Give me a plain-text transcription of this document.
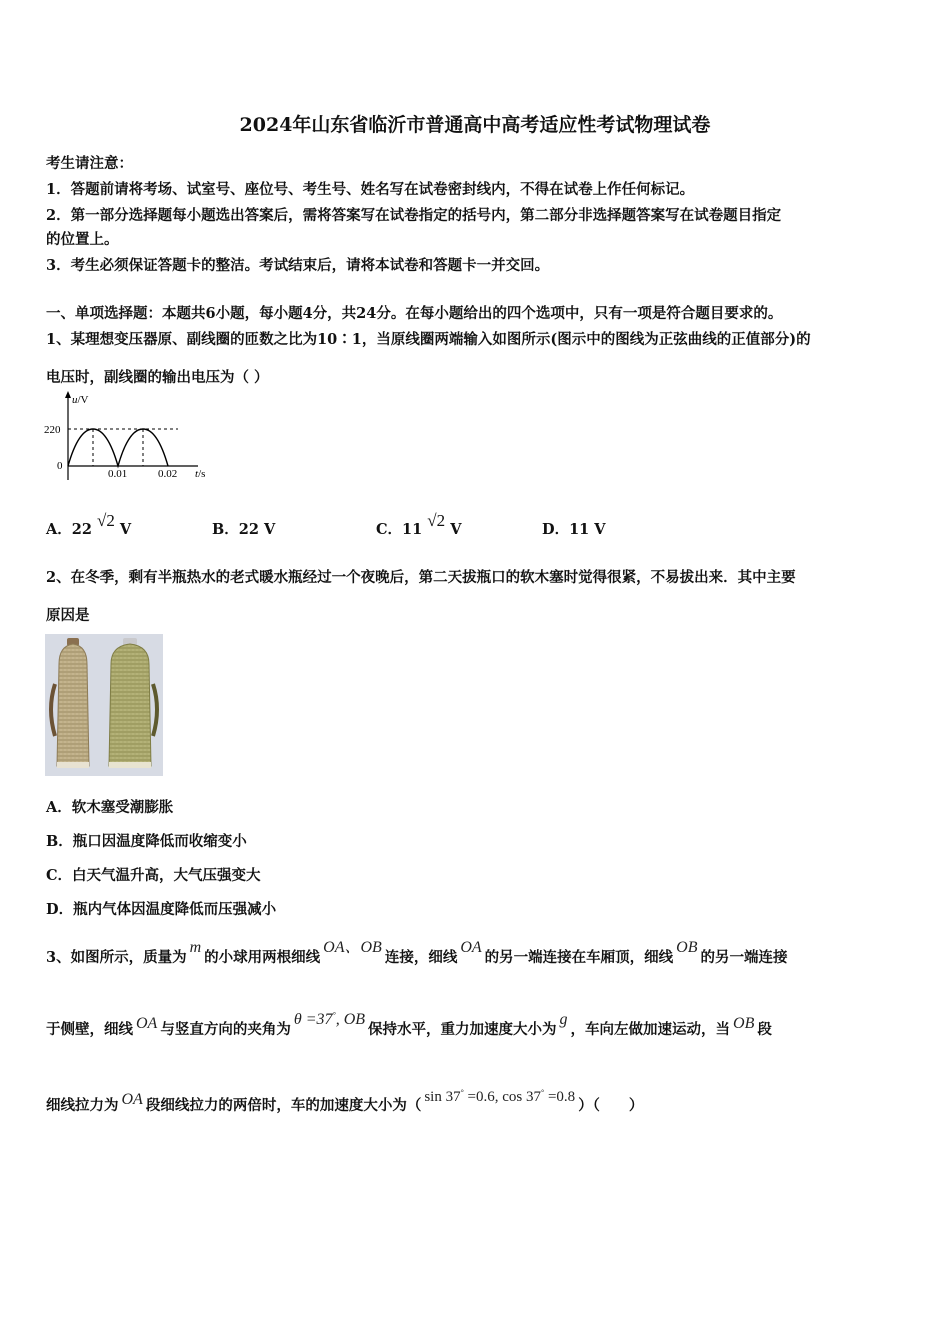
2024年山东省临沂市普通高中高考适应性考试物理试卷
考生请注意：
1．答题前请将考场、试室号、座位号、考生号、姓名写在试卷密封线内，不得在试卷上作任何标记。
2．第一部分选择题每小题选出答案后，需将答案写在试卷指定的括号内，第二部分非选择题答案写在试卷题目指定
的位置上。
3．考生必须保证答题卡的整洁。考试结束后，请将本试卷和答题卡一并交回。
一、单项选择题：本题共6小题，每小题4分，共24分。在每小题给出的四个选项中，只有一项是符合题目要求的。
1、某理想变压器原、副线圈的匝数之比为10∶1，当原线圈两端输入如图所示(图示中的图线为正弦曲线的正值部分)的
电压时，副线圈的输出电压为（ ）
u/V
220
0
0.01	0.02 t/s
A．22 √2 V	B．22 V	C．11 √2 V	D．11 V
2、在冬季，剩有半瓶热水的老式暖水瓶经过一个夜晚后，第二天拔瓶口的软木塞时觉得很紧，不易拔出来．其中主要
原因是
A．软木塞受潮膨胀
B．瓶口因温度降低而收缩变小
C．白天气温升高，大气压强变大
D．瓶内气体因温度降低而压强减小
3、如图所示，质量为m的小球用两根细线OA、OB连接，细线OA的另一端连接在车厢顶，细线OB的另一端连接
于侧壁，细线 OA 与竖直方向的夹角为θ =37°, OB保持水平，重力加速度大小为g，车向左做加速运动，当 OB 段
细线拉力为 OA 段细线拉力的两倍时，车的加速度大小为（ sin 37° =0.6, cos 37° =0.8 ）（　　）
